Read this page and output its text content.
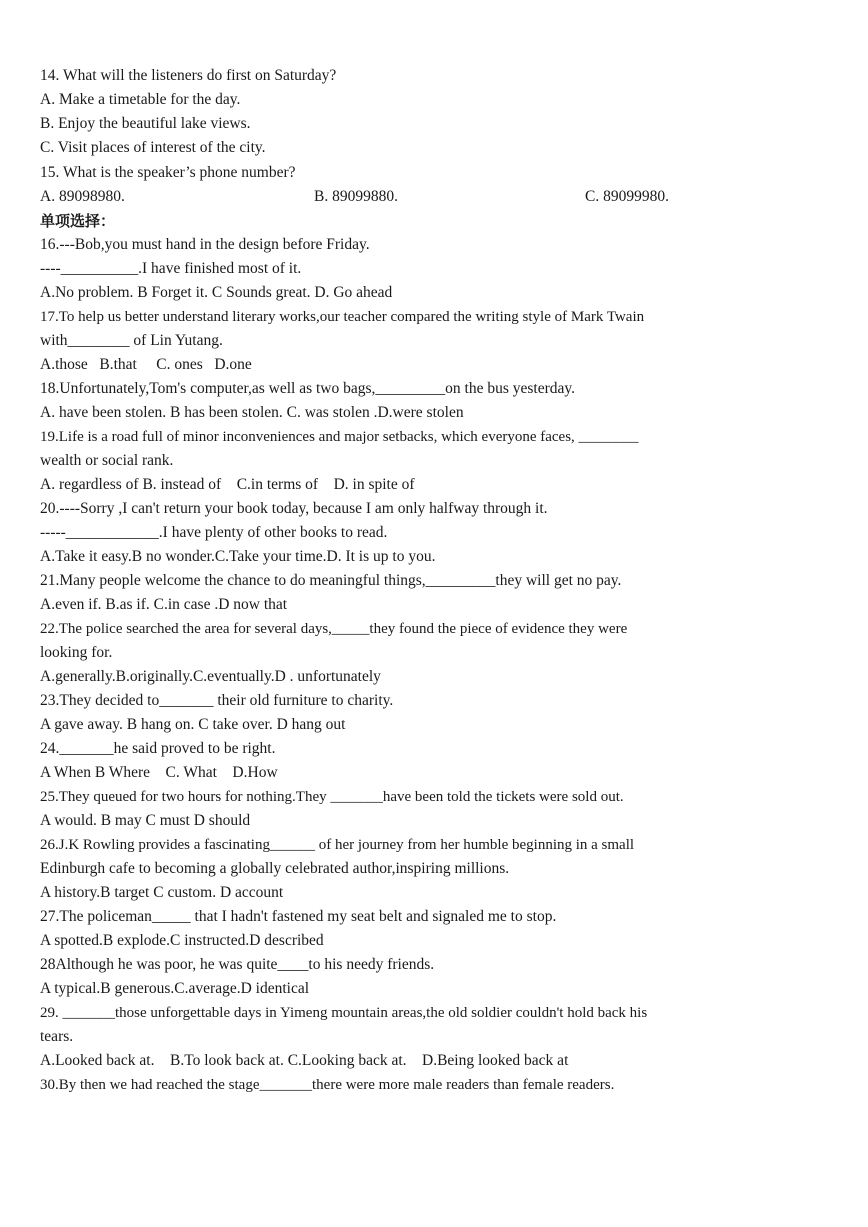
14. What will the listeners do first on Saturday?
A. Make a timetable for the day.
B. Enjoy the beautiful lake views.
C. Visit places of interest of the city.
15. What is the speaker’s phone number?
A. 89098980.	B. 89099880.	C. 89099980.
单项选择：
16.---Bob,you must hand in the design before Friday.
----__________.I have finished most of it.
A.No problem. B Forget it. C Sounds great. D. Go ahead
17.To help us better understand literary works,our teacher compared the writing style of Mark Twain
with________ of Lin Yutang.
A.those   B.that     C. ones   D.one
18.Unfortunately,Tom's computer,as well as two bags,_________on the bus yesterday.
A. have been stolen. B has been stolen. C. was stolen .D.were stolen
19.Life is a road full of minor inconveniences and major setbacks, which everyone faces, ________
wealth or social rank.
A. regardless of B. instead of    C.in terms of    D. in spite of
20.----Sorry ,I can't return your book today, because I am only halfway through it.
-----____________.I have plenty of other books to read.
A.Take it easy.B no wonder.C.Take your time.D. It is up to you.
21.Many people welcome the chance to do meaningful things,_________they will get no pay.
A.even if. B.as if. C.in case .D now that
22.The police searched the area for several days,_____they found the piece of evidence they were
looking for.
A.generally.B.originally.C.eventually.D . unfortunately
23.They decided to_______ their old furniture to charity.
A gave away. B hang on. C take over. D hang out
24._______he said proved to be right.
A When B Where    C. What    D.How
25.They queued for two hours for nothing.They _______have been told the tickets were sold out.
A would. B may C must D should
26.J.K Rowling provides a fascinating______ of her journey from her humble beginning in a small
Edinburgh cafe to becoming a globally celebrated author,inspiring millions.
A history.B target C custom. D account
27.The policeman_____ that I hadn't fastened my seat belt and signaled me to stop.
A spotted.B explode.C instructed.D described
28Although he was poor, he was quite____to his needy friends.
A typical.B generous.C.average.D identical
29. _______those unforgettable days in Yimeng mountain areas,the old soldier couldn't hold back his
tears.
A.Looked back at.    B.To look back at. C.Looking back at.    D.Being looked back at
30.By then we had reached the stage_______there were more male readers than female readers.
